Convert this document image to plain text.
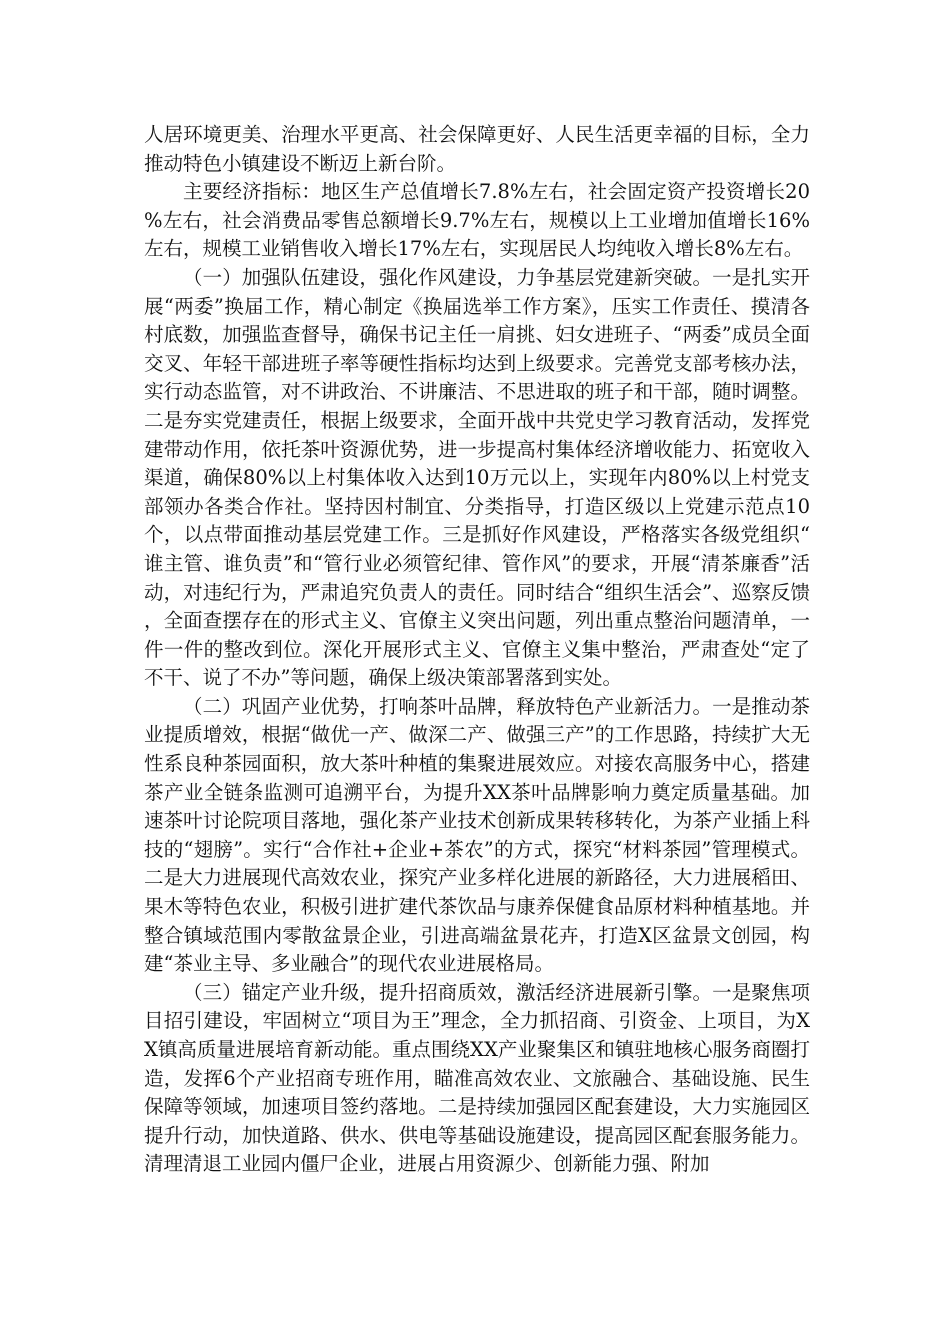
人居环境更美、治理水平更高、社会保障更好、人民生活更幸福的目标，全力推动特色小镇建设不断迈上新台阶。

主要经济指标：地区生产总值增长7.8%左右，社会固定资产投资增长20%左右，社会消费品零售总额增长9.7%左右，规模以上工业增加值增长16%左右，规模工业销售收入增长17%左右，实现居民人均纯收入增长8%左右。

（一）加强队伍建设，强化作风建设，力争基层党建新突破。一是扎实开展“两委”换届工作，精心制定《换届选举工作方案》，压实工作责任、摸清各村底数，加强监查督导，确保书记主任一肩挑、妇女进班子、“两委”成员全面交叉、年轻干部进班子率等硬性指标均达到上级要求。完善党支部考核办法，实行动态监管，对不讲政治、不讲廉洁、不思进取的班子和干部，随时调整。二是夯实党建责任，根据上级要求，全面开战中共党史学习教育活动，发挥党建带动作用，依托茶叶资源优势，进一步提高村集体经济增收能力、拓宽收入渠道，确保80%以上村集体收入达到10万元以上，实现年内80%以上村党支部领办各类合作社。坚持因村制宜、分类指导，打造区级以上党建示范点10个，以点带面推动基层党建工作。三是抓好作风建设，严格落实各级党组织“谁主管、谁负责”和“管行业必须管纪律、管作风”的要求，开展“清茶廉香”活动，对违纪行为，严肃追究负责人的责任。同时结合“组织生活会”、巡察反馈，全面查摆存在的形式主义、官僚主义突出问题，列出重点整治问题清单，一件一件的整改到位。深化开展形式主义、官僚主义集中整治，严肃查处“定了不干、说了不办”等问题，确保上级决策部署落到实处。

（二）巩固产业优势，打响茶叶品牌，释放特色产业新活力。一是推动茶业提质增效，根据“做优一产、做深二产、做强三产”的工作思路，持续扩大无性系良种茶园面积，放大茶叶种植的集聚进展效应。对接农高服务中心，搭建茶产业全链条监测可追溯平台，为提升XX茶叶品牌影响力奠定质量基础。加速茶叶讨论院项目落地，强化茶产业技术创新成果转移转化，为茶产业插上科技的“翅膀”。实行“合作社+企业+茶农”的方式，探究“材料茶园”管理模式。二是大力进展现代高效农业，探究产业多样化进展的新路径，大力进展稻田、果木等特色农业，积极引进扩建代茶饮品与康养保健食品原材料种植基地。并整合镇域范围内零散盆景企业，引进高端盆景花卉，打造X区盆景文创园，构建“茶业主导、多业融合”的现代农业进展格局。

（三）锚定产业升级，提升招商质效，激活经济进展新引擎。一是聚焦项目招引建设，牢固树立“项目为王”理念，全力抓招商、引资金、上项目，为XX镇高质量进展培育新动能。重点围绕XX产业聚集区和镇驻地核心服务商圈打造，发挥6个产业招商专班作用，瞄准高效农业、文旅融合、基础设施、民生保障等领域，加速项目签约落地。二是持续加强园区配套建设，大力实施园区提升行动，加快道路、供水、供电等基础设施建设，提高园区配套服务能力。清理清退工业园内僵尸企业，进展占用资源少、创新能力强、附加
